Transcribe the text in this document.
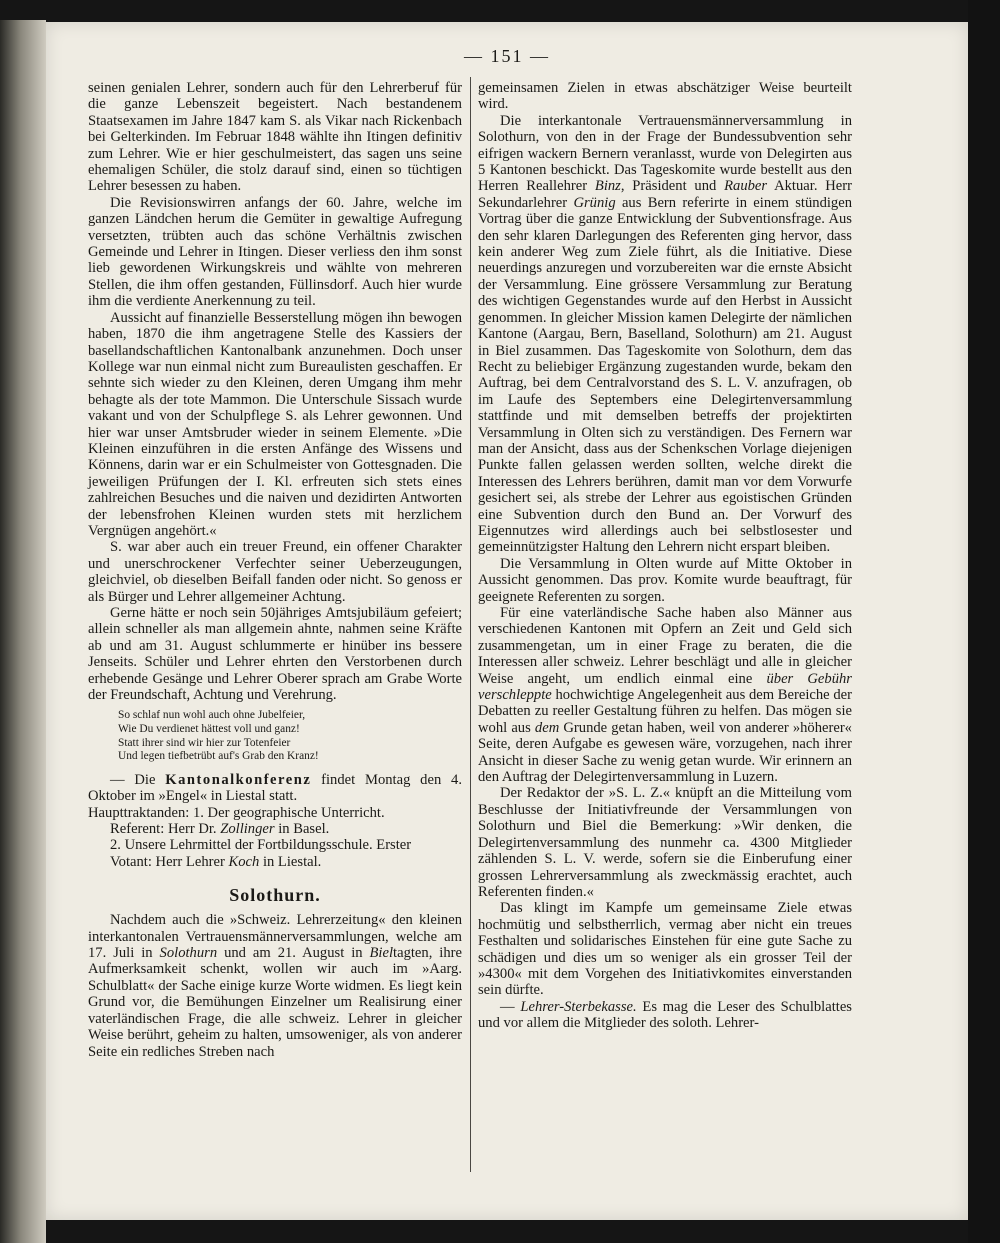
— 151 —

seinen genialen Lehrer, sondern auch für den Lehrerberuf für die ganze Lebenszeit begeistert. Nach bestandenem Staatsexamen im Jahre 1847 kam S. als Vikar nach Rickenbach bei Gelterkinden. Im Februar 1848 wählte ihn Itingen definitiv zum Lehrer. Wie er hier geschulmeistert, das sagen uns seine ehemaligen Schüler, die stolz darauf sind, einen so tüchtigen Lehrer besessen zu haben.

Die Revisionswirren anfangs der 60. Jahre, welche im ganzen Ländchen herum die Gemüter in gewaltige Aufregung versetzten, trübten auch das schöne Verhältnis zwischen Gemeinde und Lehrer in Itingen. Dieser verliess den ihm sonst lieb gewordenen Wirkungskreis und wählte von mehreren Stellen, die ihm offen gestanden, Füllinsdorf. Auch hier wurde ihm die verdiente Anerkennung zu teil.

Aussicht auf finanzielle Besserstellung mögen ihn bewogen haben, 1870 die ihm angetragene Stelle des Kassiers der basellandschaftlichen Kantonalbank anzunehmen. Doch unser Kollege war nun einmal nicht zum Bureaulisten geschaffen. Er sehnte sich wieder zu den Kleinen, deren Umgang ihm mehr behagte als der tote Mammon. Die Unterschule Sissach wurde vakant und von der Schulpflege S. als Lehrer gewonnen. Und hier war unser Amtsbruder wieder in seinem Elemente. »Die Kleinen einzuführen in die ersten Anfänge des Wissens und Könnens, darin war er ein Schulmeister von Gottesgnaden. Die jeweiligen Prüfungen der I. Kl. erfreuten sich stets eines zahlreichen Besuches und die naiven und dezidirten Antworten der lebensfrohen Kleinen wurden stets mit herzlichem Vergnügen angehört.«

S. war aber auch ein treuer Freund, ein offener Charakter und unerschrockener Verfechter seiner Ueberzeugungen, gleichviel, ob dieselben Beifall fanden oder nicht. So genoss er als Bürger und Lehrer allgemeiner Achtung.

Gerne hätte er noch sein 50jähriges Amtsjubiläum gefeiert; allein schneller als man allgemein ahnte, nahmen seine Kräfte ab und am 31. August schlummerte er hinüber ins bessere Jenseits. Schüler und Lehrer ehrten den Verstorbenen durch erhebende Gesänge und Lehrer Oberer sprach am Grabe Worte der Freundschaft, Achtung und Verehrung.

So schlaf nun wohl auch ohne Jubelfeier,
Wie Du verdienet hättest voll und ganz!
Statt ihrer sind wir hier zur Totenfeier
Und legen tiefbetrübt auf's Grab den Kranz!

— Die Kantonalkonferenz findet Montag den 4. Oktober im »Engel« in Liestal statt.

Haupttraktanden: 1. Der geographische Unterricht.

Referent: Herr Dr. Zollinger in Basel.

2. Unsere Lehrmittel der Fortbildungsschule. Erster

Votant: Herr Lehrer Koch in Liestal.

Solothurn.

Nachdem auch die »Schweiz. Lehrerzeitung« den kleinen interkantonalen Vertrauensmännerversammlungen, welche am 17. Juli in Solothurn und am 21. August in Bieltagten, ihre Aufmerksamkeit schenkt, wollen wir auch im »Aarg. Schulblatt« der Sache einige kurze Worte widmen. Es liegt kein Grund vor, die Bemühungen Einzelner um Realisirung einer vaterländischen Frage, die alle schweiz. Lehrer in gleicher Weise berührt, geheim zu halten, umsoweniger, als von anderer Seite ein redliches Streben nach

gemeinsamen Zielen in etwas abschätziger Weise beurteilt wird.

Die interkantonale Vertrauensmännerversammlung in Solothurn, von den in der Frage der Bundessubvention sehr eifrigen wackern Bernern veranlasst, wurde von Delegirten aus 5 Kantonen beschickt. Das Tageskomite wurde bestellt aus den Herren Reallehrer Binz, Präsident und Rauber Aktuar. Herr Sekundarlehrer Grünig aus Bern referirte in einem stündigen Vortrag über die ganze Entwicklung der Subventionsfrage. Aus den sehr klaren Darlegungen des Referenten ging hervor, dass kein anderer Weg zum Ziele führt, als die Initiative. Diese neuerdings anzuregen und vorzubereiten war die ernste Absicht der Versammlung. Eine grössere Versammlung zur Beratung des wichtigen Gegenstandes wurde auf den Herbst in Aussicht genommen. In gleicher Mission kamen Delegirte der nämlichen Kantone (Aargau, Bern, Baselland, Solothurn) am 21. August in Biel zusammen. Das Tageskomite von Solothurn, dem das Recht zu beliebiger Ergänzung zugestanden wurde, bekam den Auftrag, bei dem Centralvorstand des S. L. V. anzufragen, ob im Laufe des Septembers eine Delegirtenversammlung stattfinde und mit demselben betreffs der projektirten Versammlung in Olten sich zu verständigen. Des Fernern war man der Ansicht, dass aus der Schenkschen Vorlage diejenigen Punkte fallen gelassen werden sollten, welche direkt die Interessen des Lehrers berühren, damit man vor dem Vorwurfe gesichert sei, als strebe der Lehrer aus egoistischen Gründen eine Subvention durch den Bund an. Der Vorwurf des Eigennutzes wird allerdings auch bei selbstlosester und gemeinnützigster Haltung den Lehrern nicht erspart bleiben.

Die Versammlung in Olten wurde auf Mitte Oktober in Aussicht genommen. Das prov. Komite wurde beauftragt, für geeignete Referenten zu sorgen.

Für eine vaterländische Sache haben also Männer aus verschiedenen Kantonen mit Opfern an Zeit und Geld sich zusammengetan, um in einer Frage zu beraten, die die Interessen aller schweiz. Lehrer beschlägt und alle in gleicher Weise angeht, um endlich einmal eine über Gebühr verschleppte hochwichtige Angelegenheit aus dem Bereiche der Debatten zu reeller Gestaltung führen zu helfen. Das mögen sie wohl aus dem Grunde getan haben, weil von anderer »höherer« Seite, deren Aufgabe es gewesen wäre, vorzugehen, nach ihrer Ansicht in dieser Sache zu wenig getan wurde. Wir erinnern an den Auftrag der Delegirtenversammlung in Luzern.

Der Redaktor der »S. L. Z.« knüpft an die Mitteilung vom Beschlusse der Initiativfreunde der Versammlungen von Solothurn und Biel die Bemerkung: »Wir denken, die Delegirtenversammlung des nunmehr ca. 4300 Mitglieder zählenden S. L. V. werde, sofern sie die Einberufung einer grossen Lehrerversammlung als zweckmässig erachtet, auch Referenten finden.«

Das klingt im Kampfe um gemeinsame Ziele etwas hochmütig und selbstherrlich, vermag aber nicht ein treues Festhalten und solidarisches Einstehen für eine gute Sache zu schädigen und dies um so weniger als ein grosser Teil der »4300« mit dem Vorgehen des Initiativkomites einverstanden sein dürfte.

— Lehrer-Sterbekasse. Es mag die Leser des Schulblattes und vor allem die Mitglieder des soloth. Lehrer-
